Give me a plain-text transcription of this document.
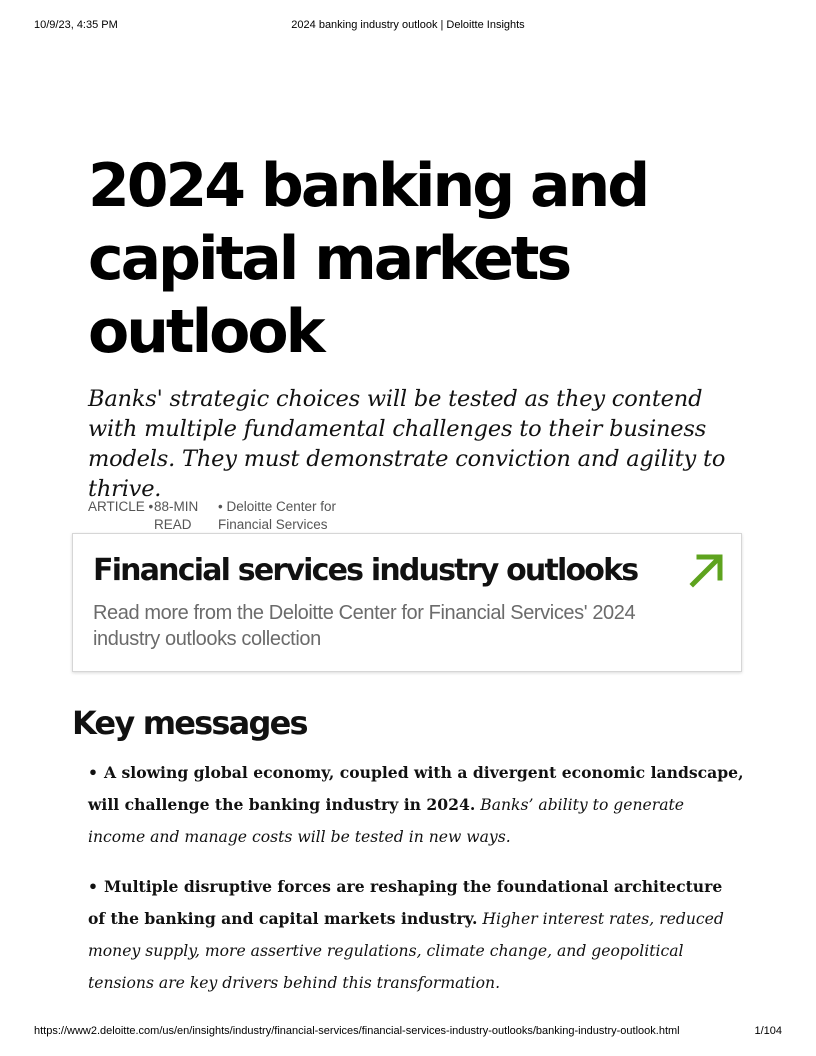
10/9/23, 4:35 PM	2024 banking industry outlook | Deloitte Insights
2024 banking and capital markets outlook

Banks' strategic choices will be tested as they contend with multiple fundamental challenges to their business models. They must demonstrate conviction and agility to thrive.

ARTICLE • 88-MIN READ
• Deloitte Center for Financial Services
Financial services industry outlooks
Read more from the Deloitte Center for Financial Services' 2024 industry outlooks collection
Key messages
• A slowing global economy, coupled with a divergent economic landscape, will challenge the banking industry in 2024. Banks’ ability to generate income and manage costs will be tested in new ways.
• Multiple disruptive forces are reshaping the foundational architecture of the banking and capital markets industry. Higher interest rates, reduced money supply, more assertive regulations, climate change, and geopolitical tensions are key drivers behind this transformation.
https://www2.deloitte.com/us/en/insights/industry/financial-services/financial-services-industry-outlooks/banking-industry-outlook.html	1/104
